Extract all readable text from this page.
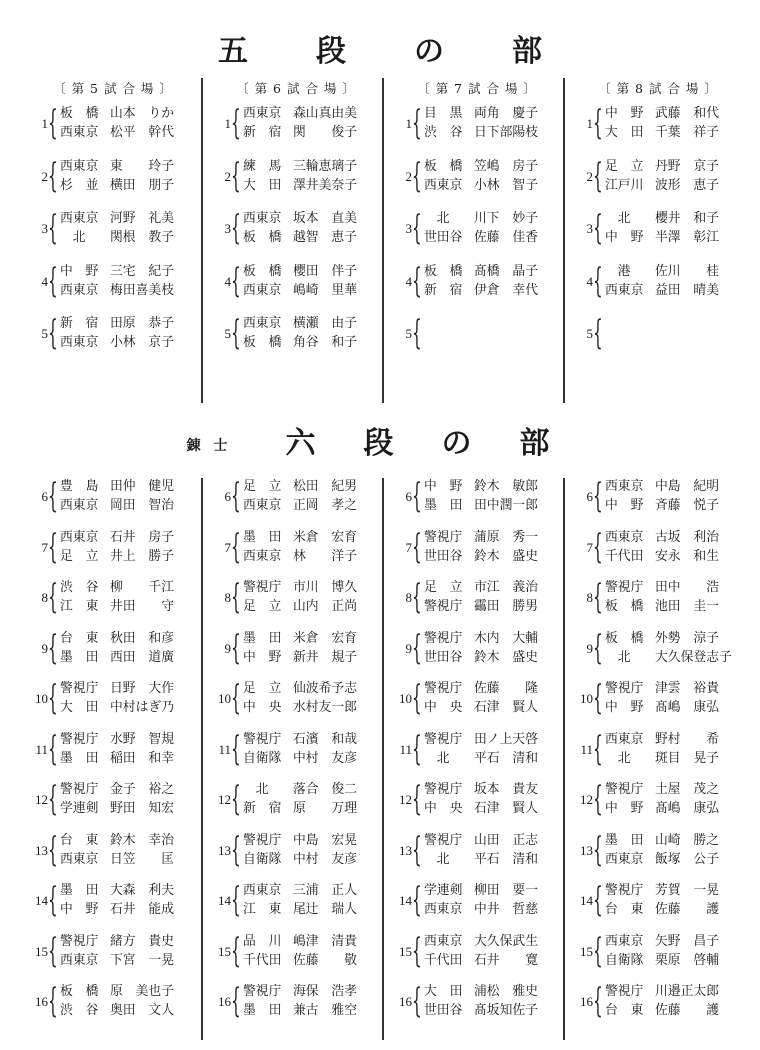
五 段 の 部
錬 士 六 段 の 部
〔 第 5 試 合 場 〕
1 { 板　橋 山本　りか
西東京 松平　幹代
2 { 西東京 東　　玲子
杉　並 横田　朋子
3 { 西東京 河野　礼美
　北 関根　教子
4 { 中　野 三宅　紀子
西東京 梅田喜美枝
5 { 新　宿 田原　恭子
西東京 小林　京子
〔 第 6 試 合 場 〕
1 { 西東京 森山真由美
新　宿 関　　俊子
2 { 練　馬 三輪恵璃子
大　田 澤井美奈子
3 { 西東京 坂本　直美
板　橋 越智　恵子
4 { 板　橋 櫻田　伴子
西東京 嶋崎　里華
5 { 西東京 横瀬　由子
板　橋 角谷　和子
〔 第 7 試 合 場 〕
1 { 目　黒 両角　慶子
渋　谷 日下部陽枝
2 { 板　橋 笠嶋　房子
西東京 小林　智子
3 { 　北 川下　妙子
世田谷 佐藤　佳香
4 { 板　橋 髙橋　晶子
新　宿 伊倉　幸代
5 {
〔 第 8 試 合 場 〕
1 { 中　野 武藤　和代
大　田 千葉　祥子
2 { 足　立 丹野　京子
江戸川 波形　恵子
3 { 　北 櫻井　和子
中　野 半澤　彰江
4 { 　港 佐川　　桂
西東京 益田　晴美
5 {
6 { 豊　島 田仲　健児
西東京 岡田　智治
7 { 西東京 石井　房子
足　立 井上　勝子
8 { 渋　谷 柳　　千江
江　東 井田　　守
9 { 台　東 秋田　和彦
墨　田 西田　道廣
10 { 警視庁 日野　大作
大　田 中村はぎ乃
11 { 警視庁 水野　智規
墨　田 稲田　和幸
12 { 警視庁 金子　裕之
学連剣 野田　知宏
13 { 台　東 鈴木　幸治
西東京 日笠　　匡
14 { 墨　田 大森　利夫
中　野 石井　能成
15 { 警視庁 緒方　貴史
西東京 下宮　一晃
16 { 板　橋 原　美也子
渋　谷 奥田　文人
6 { 足　立 松田　紀男
西東京 正岡　孝之
7 { 墨　田 米倉　宏育
西東京 林　　洋子
8 { 警視庁 市川　博久
足　立 山内　正尚
9 { 墨　田 米倉　宏育
中　野 新井　規子
10 { 足　立 仙波希予志
中　央 水村友一郎
11 { 警視庁 石濱　和哉
自衛隊 中村　友彦
12 { 　北 落合　俊二
新　宿 原　　万理
13 { 警視庁 中島　宏晃
自衛隊 中村　友彦
14 { 西東京 三浦　正人
江　東 尾辻　瑞人
15 { 品　川 嶋津　清貴
千代田 佐藤　　敬
16 { 警視庁 海保　浩孝
墨　田 兼古　雅空
6 { 中　野 鈴木　敏郎
墨　田 田中潤一郎
7 { 警視庁 蒲原　秀一
世田谷 鈴木　盛史
8 { 足　立 市江　義治
警視庁 靍田　勝男
9 { 警視庁 木内　大輔
世田谷 鈴木　盛史
10 { 警視庁 佐藤　　隆
中　央 石津　賢人
11 { 警視庁 田ノ上天啓
　北 平石　清和
12 { 警視庁 坂本　貴友
中　央 石津　賢人
13 { 警視庁 山田　正志
　北 平石　清和
14 { 学連剣 柳田　要一
西東京 中井　哲慈
15 { 西東京 大久保武生
千代田 石井　　寛
16 { 大　田 浦松　雅史
世田谷 髙坂知佐子
6 { 西東京 中島　紀明
中　野 斉藤　悦子
7 { 西東京 古坂　利治
千代田 安永　和生
8 { 警視庁 田中　　浩
板　橋 池田　圭一
9 { 板　橋 外勢　涼子
　北 大久保登志子
10 { 警視庁 津雲　裕貴
中　野 髙嶋　康弘
11 { 西東京 野村　　希
　北 斑目　晃子
12 { 警視庁 土屋　茂之
中　野 髙嶋　康弘
13 { 墨　田 山崎　勝之
西東京 飯塚　公子
14 { 警視庁 芳賀　一晃
台　東 佐藤　　護
15 { 西東京 矢野　昌子
自衛隊 栗原　啓輔
16 { 警視庁 川邉正太郎
台　東 佐藤　　護
